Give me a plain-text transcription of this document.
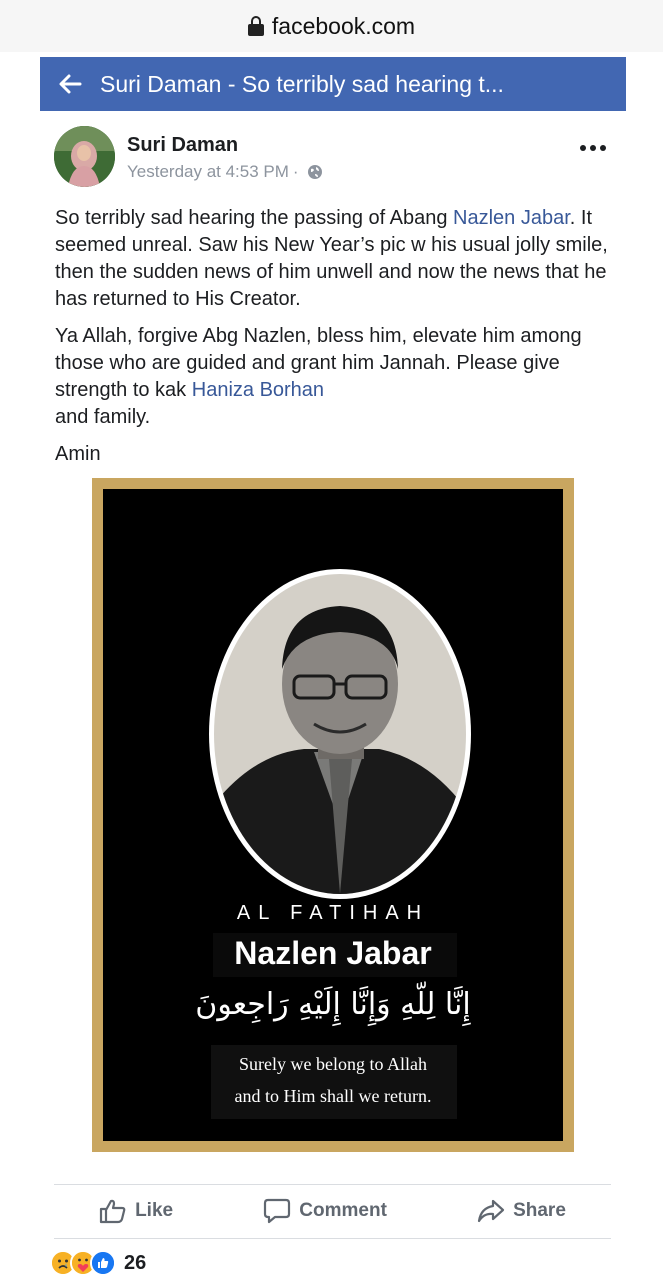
facebook.com
Suri Daman - So terribly sad hearing t...
Suri Daman
Yesterday at 4:53 PM ·

So terribly sad hearing the passing of Abang Nazlen Jabar. It seemed unreal. Saw his New Year’s pic w his usual jolly smile, then the sudden news of him unwell and now the news that he has returned to His Creator.

Ya Allah, forgive Abg Nazlen, bless him, elevate him among those who are guided and grant him Jannah. Please give strength to kak Haniza Borhan
and family.

Amin

AL FATIHAH
Nazlen Jabar
إِنَّا لِلّهِ وَإِنَّا إِلَيْهِ رَاجِعونَ
Surely we belong to Allah
and to Him shall we return.
Like	Comment	Share
26
